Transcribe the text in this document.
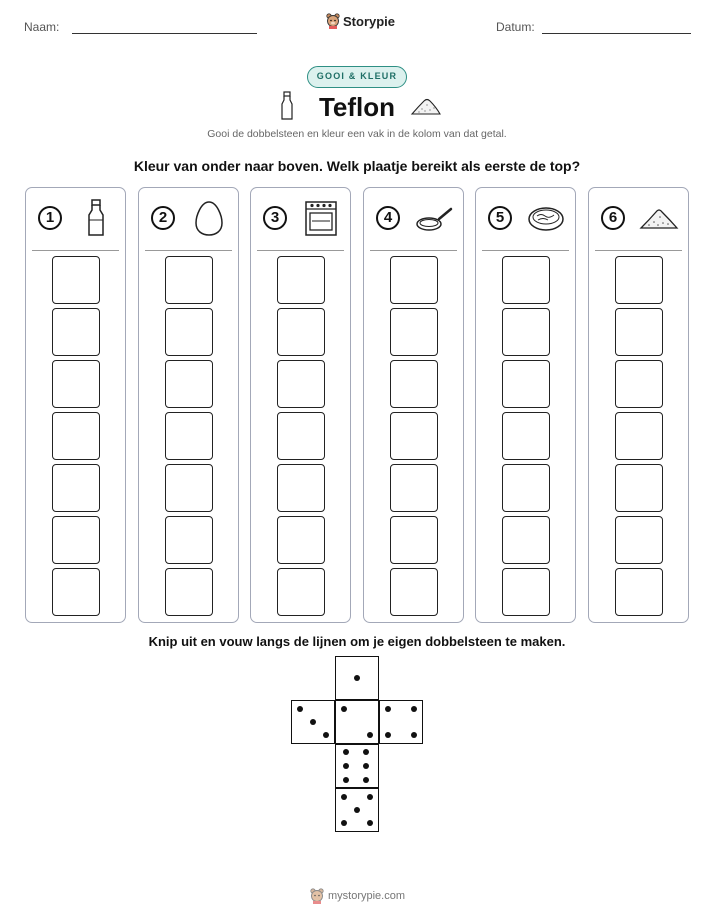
Naam:	Storypie	Datum:
GOOI & KLEUR
Teflon
Gooi de dobbelsteen en kleur een vak in de kolom van dat getal.
Kleur van onder naar boven. Welk plaatje bereikt als eerste de top?
1	2	3	4	5	6
Knip uit en vouw langs de lijnen om je eigen dobbelsteen te maken.
mystorypie.com
